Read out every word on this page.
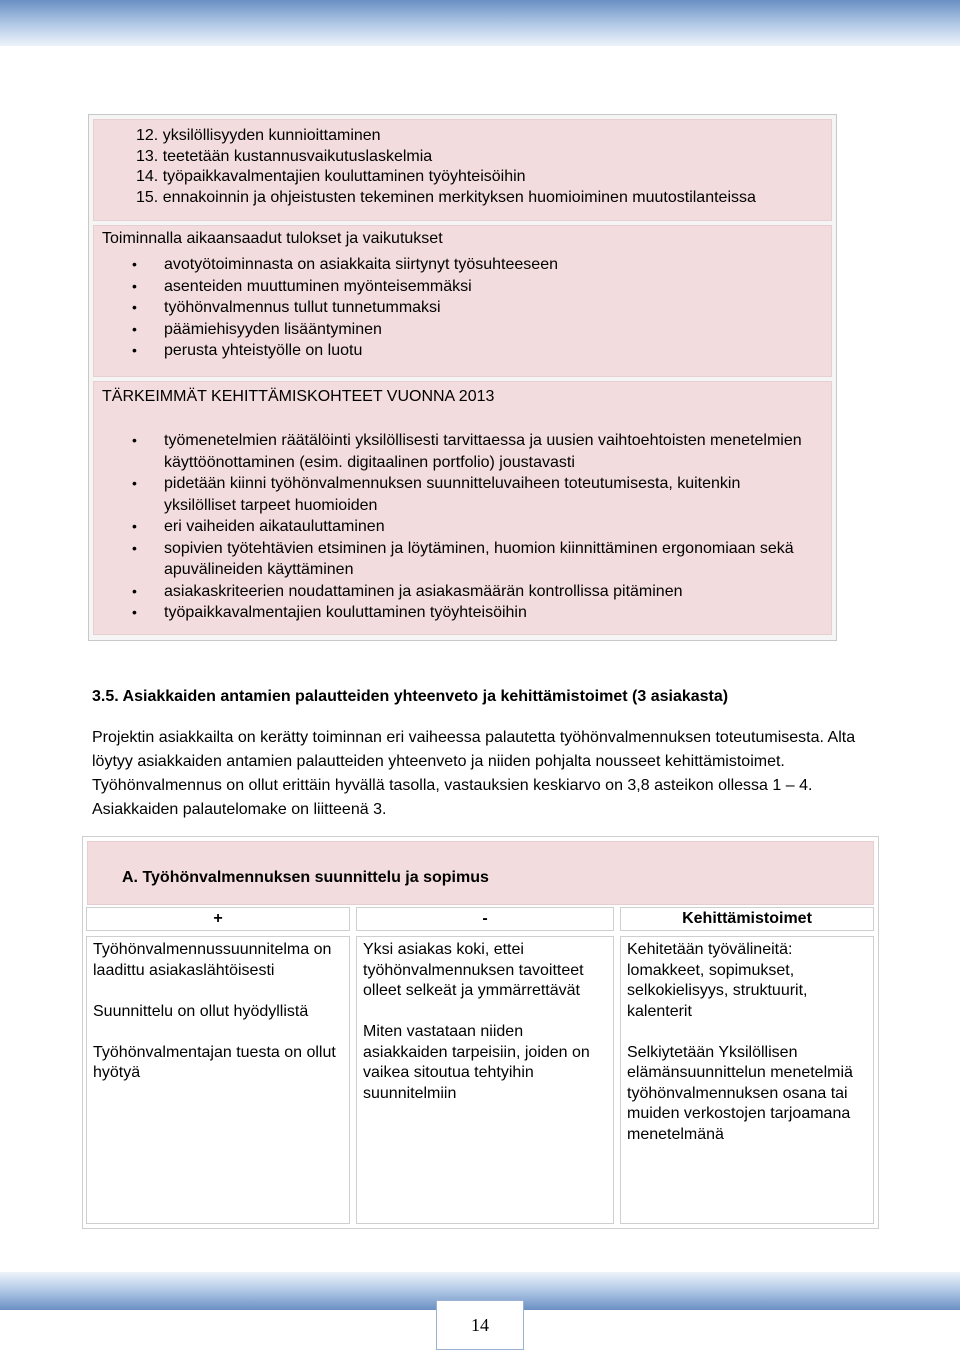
12. yksilöllisyyden kunnioittaminen
13. teetetään kustannusvaikutuslaskelmia
14. työpaikkavalmentajien kouluttaminen työyhteisöihin
15. ennakoinnin ja ohjeistusten tekeminen merkityksen huomioiminen muutostilanteissa
Toiminnalla aikaansaadut tulokset ja vaikutukset
• avotyötoiminnasta on asiakkaita siirtynyt työsuhteeseen
• asenteiden muuttuminen myönteisemmäksi
• työhönvalmennus tullut tunnetummaksi
• päämiehisyyden lisääntyminen
• perusta yhteistyölle on luotu
TÄRKEIMMÄT KEHITTÄMISKOHTEET VUONNA 2013
• työmenetelmien räätälöinti yksilöllisesti tarvittaessa ja uusien vaihtoehtoisten menetelmien käyttöönottaminen (esim. digitaalinen portfolio) joustavasti
• pidetään kiinni työhönvalmennuksen suunnitteluvaiheen toteutumisesta, kuitenkin yksilölliset tarpeet huomioiden
• eri vaiheiden aikatauluttaminen
• sopivien työtehtävien etsiminen ja löytäminen, huomion kiinnittäminen ergonomiaan sekä apuvälineiden käyttäminen
• asiakaskriteerien noudattaminen ja asiakasmäärän kontrollissa pitäminen
• työpaikkavalmentajien kouluttaminen työyhteisöihin
3.5. Asiakkaiden antamien palautteiden yhteenveto ja kehittämistoimet (3 asiakasta)
Projektin asiakkailta on kerätty toiminnan eri vaiheessa palautetta työhönvalmennuksen toteutumisesta. Alta löytyy asiakkaiden antamien palautteiden yhteenveto ja niiden pohjalta nousseet kehittämistoimet. Työhönvalmennus on ollut erittäin hyvällä tasolla, vastauksien keskiarvo on 3,8 asteikon ollessa 1 – 4. Asiakkaiden palautelomake on liitteenä 3.
A. Työhönvalmennuksen suunnittelu ja sopimus
+	-	Kehittämistoimet

Työhönvalmennussuunnitelma on laadittu asiakaslähtöisesti

Suunnittelu on ollut hyödyllistä

Työhönvalmentajan tuesta on ollut hyötyä

Yksi asiakas koki, ettei työhönvalmennuksen tavoitteet olleet selkeät ja ymmärrettävät

Miten vastataan niiden asiakkaiden tarpeisiin, joiden on vaikea sitoutua tehtyihin suunnitelmiin

Kehitetään työvälineitä: lomakkeet, sopimukset, selkokielisyys, struktuurit, kalenterit

Selkiytetään Yksilöllisen elämänsuunnittelun menetelmiä työhönvalmennuksen osana tai muiden verkostojen tarjoamana menetelmänä

14
